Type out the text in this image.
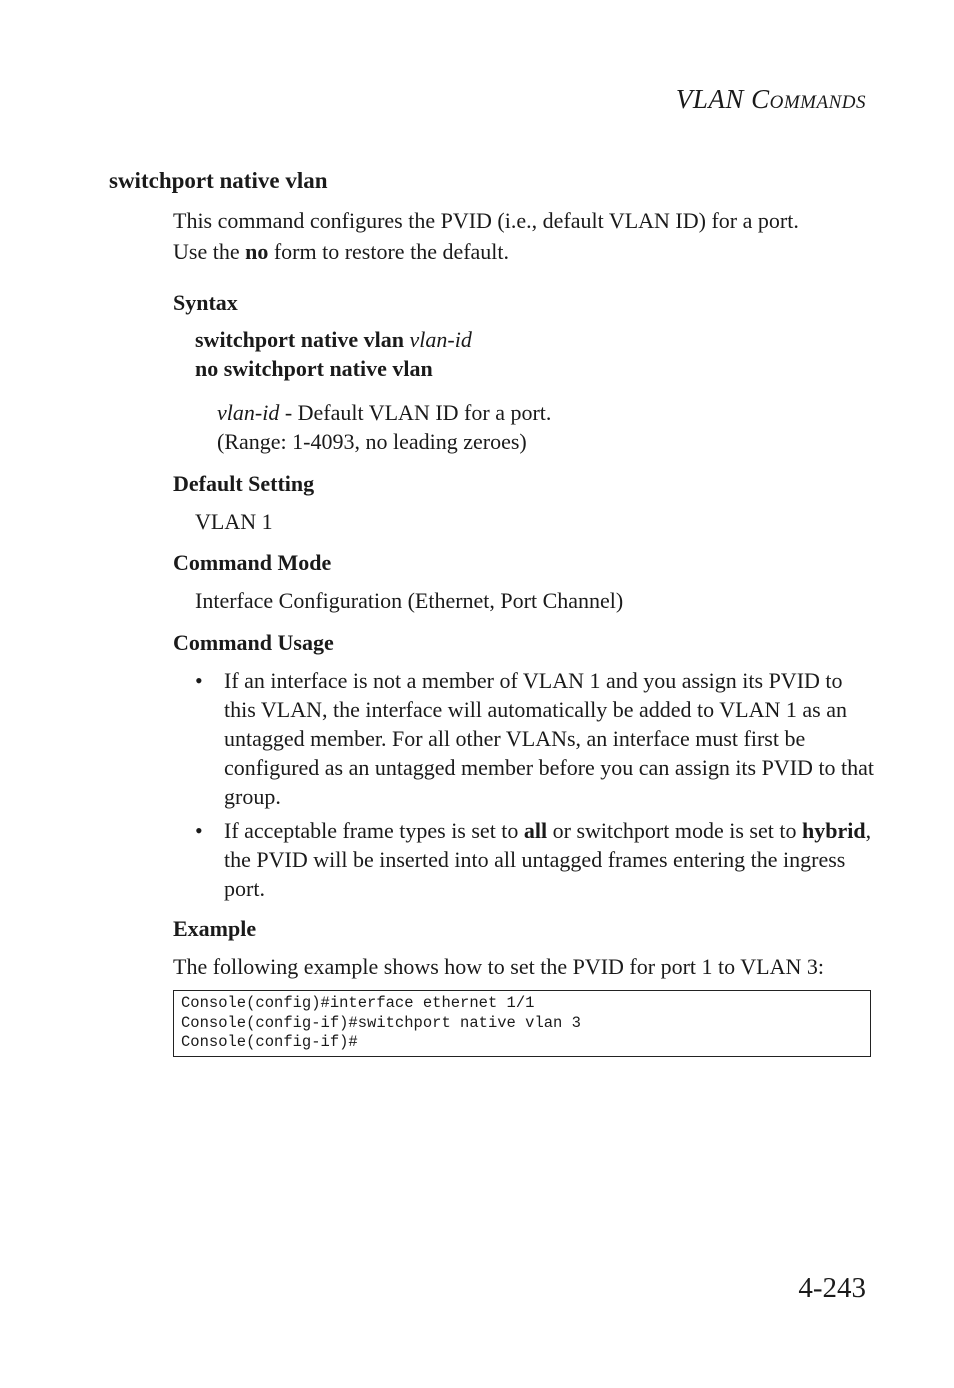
VLAN COMMANDS
switchport native vlan
This command configures the PVID (i.e., default VLAN ID) for a port.
Use the no form to restore the default.
Syntax
switchport native vlan vlan-id
no switchport native vlan
vlan-id - Default VLAN ID for a port.
(Range: 1-4093, no leading zeroes)
Default Setting
VLAN 1
Command Mode
Interface Configuration (Ethernet, Port Channel)
Command Usage
• If an interface is not a member of VLAN 1 and you assign its PVID to this VLAN, the interface will automatically be added to VLAN 1 as an untagged member. For all other VLANs, an interface must first be configured as an untagged member before you can assign its PVID to that group.
• If acceptable frame types is set to all or switchport mode is set to hybrid, the PVID will be inserted into all untagged frames entering the ingress port.
Example
The following example shows how to set the PVID for port 1 to VLAN 3:
Console(config)#interface ethernet 1/1
Console(config-if)#switchport native vlan 3
Console(config-if)#
4-243
